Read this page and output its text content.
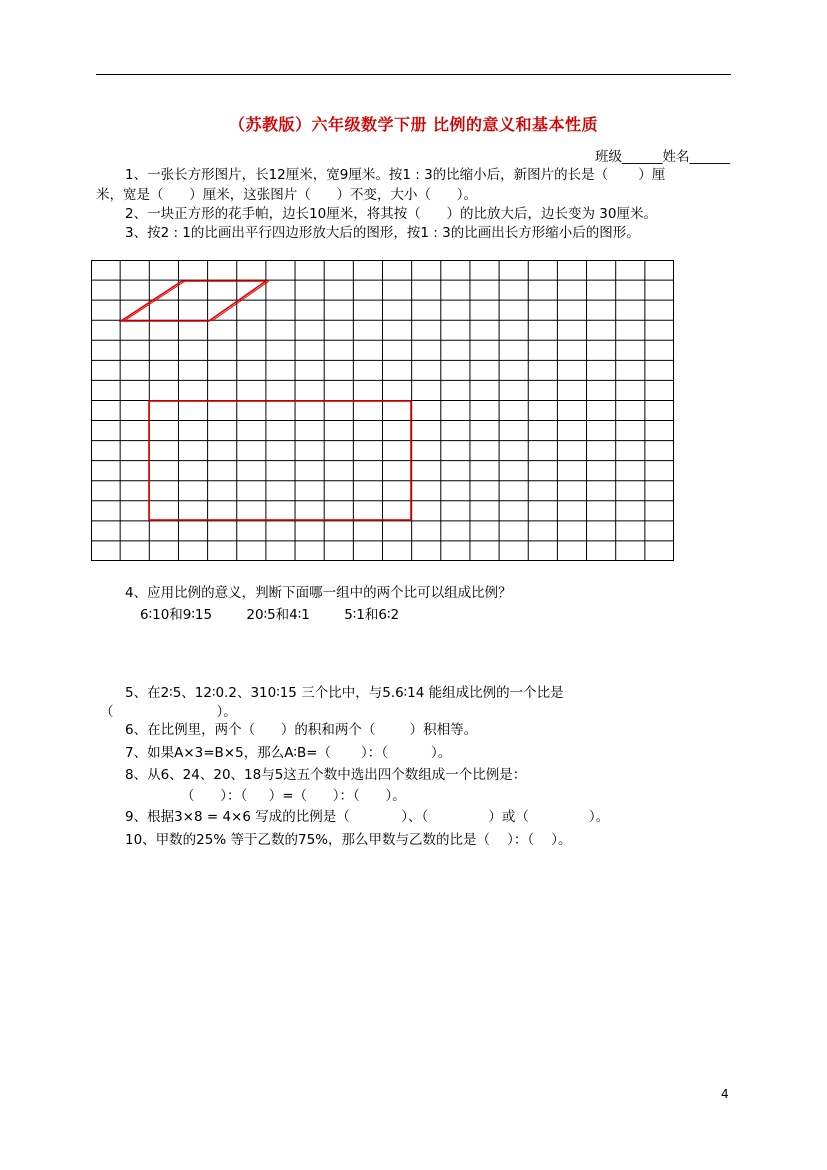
（苏教版）六年级数学下册 比例的意义和基本性质
班级______姓名______
1、一张长方形图片，长12厘米，宽9厘米。按1 : 3的比缩小后，新图片的长是（       ）厘
米，宽是（      ）厘米，这张图片（      ）不变，大小（      ）。
2、一块正方形的花手帕，边长10厘米，将其按（      ）的比放大后，边长变为 30厘米。
3、按2 : 1的比画出平行四边形放大后的图形，按1 : 3的比画出长方形缩小后的图形。
4、应用比例的意义，判断下面哪一组中的两个比可以组成比例？
6∶10和9∶15        20∶5和4∶1        5∶1和6∶2
5、在2∶5、12∶0.2、310∶15 三个比中，与5.6∶14 能组成比例的一个比是
（                        ）。
6、在比例里，两个（      ）的积和两个（        ）积相等。
7、如果A×3=B×5，那么A∶B=（       ）：（          ）。
8、从6、24、20、18与5这五个数中选出四个数组成一个比例是：
（      ）：（     ）=（      ）：（      ）。
9、根据3×8 = 4×6 写成的比例是（            ）、（              ）或（              ）。
10、甲数的25% 等于乙数的75%，那么甲数与乙数的比是（    ）：（    ）。
4
